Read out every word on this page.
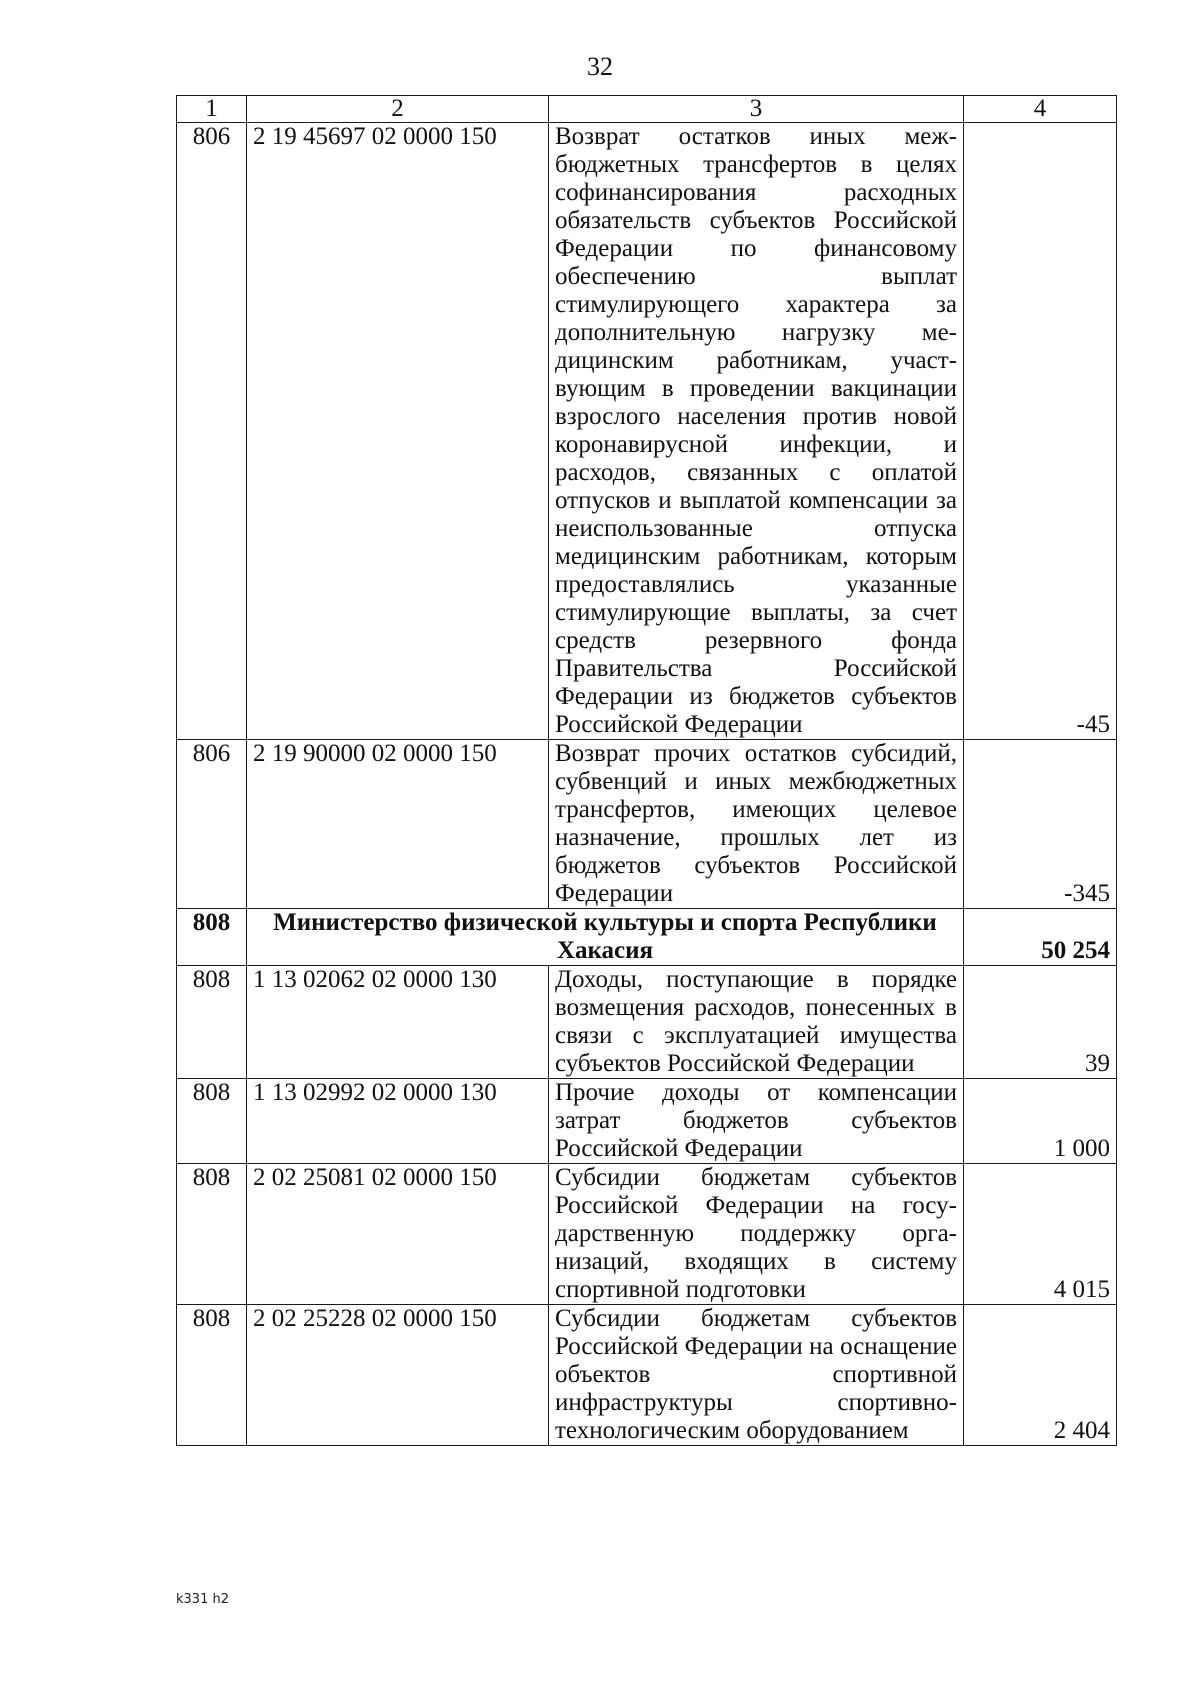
32
1	2	3	4
806	2 19 45697 02 0000 150	Возврат остатков иных межбюджетных трансфертов в целях софинансирования расходных обязательств субъектов Российской Федерации по финансовому обеспечению выплат стимулирующего характера за дополнительную нагрузку медицинским работникам, участвующим в проведении вакцинации взрослого населения против новой коронавирусной инфекции, и расходов, связанных с оплатой отпусков и выплатой компенсации за неиспользованные отпуска медицинским работникам, которым предоставлялись указанные стимулирующие выплаты, за счет средств резервного фонда Правительства Российской Федерации из бюджетов субъектов Российской Федерации	-45
806	2 19 90000 02 0000 150	Возврат прочих остатков субсидий, субвенций и иных межбюджетных трансфертов, имеющих целевое назначение, прошлых лет из бюджетов субъектов Российской Федерации	-345
808	Министерство физической культуры и спорта Республики Хакасия		50 254
808	1 13 02062 02 0000 130	Доходы, поступающие в порядке возмещения расходов, понесенных в связи с эксплуатацией имущества субъектов Российской Федерации	39
808	1 13 02992 02 0000 130	Прочие доходы от компенсации затрат бюджетов субъектов Российской Федерации	1 000
808	2 02 25081 02 0000 150	Субсидии бюджетам субъектов Российской Федерации на государственную поддержку организаций, входящих в систему спортивной подготовки	4 015
808	2 02 25228 02 0000 150	Субсидии бюджетам субъектов Российской Федерации на оснащение объектов спортивной инфраструктуры спортивно-технологическим оборудованием	2 404
k331 h2
